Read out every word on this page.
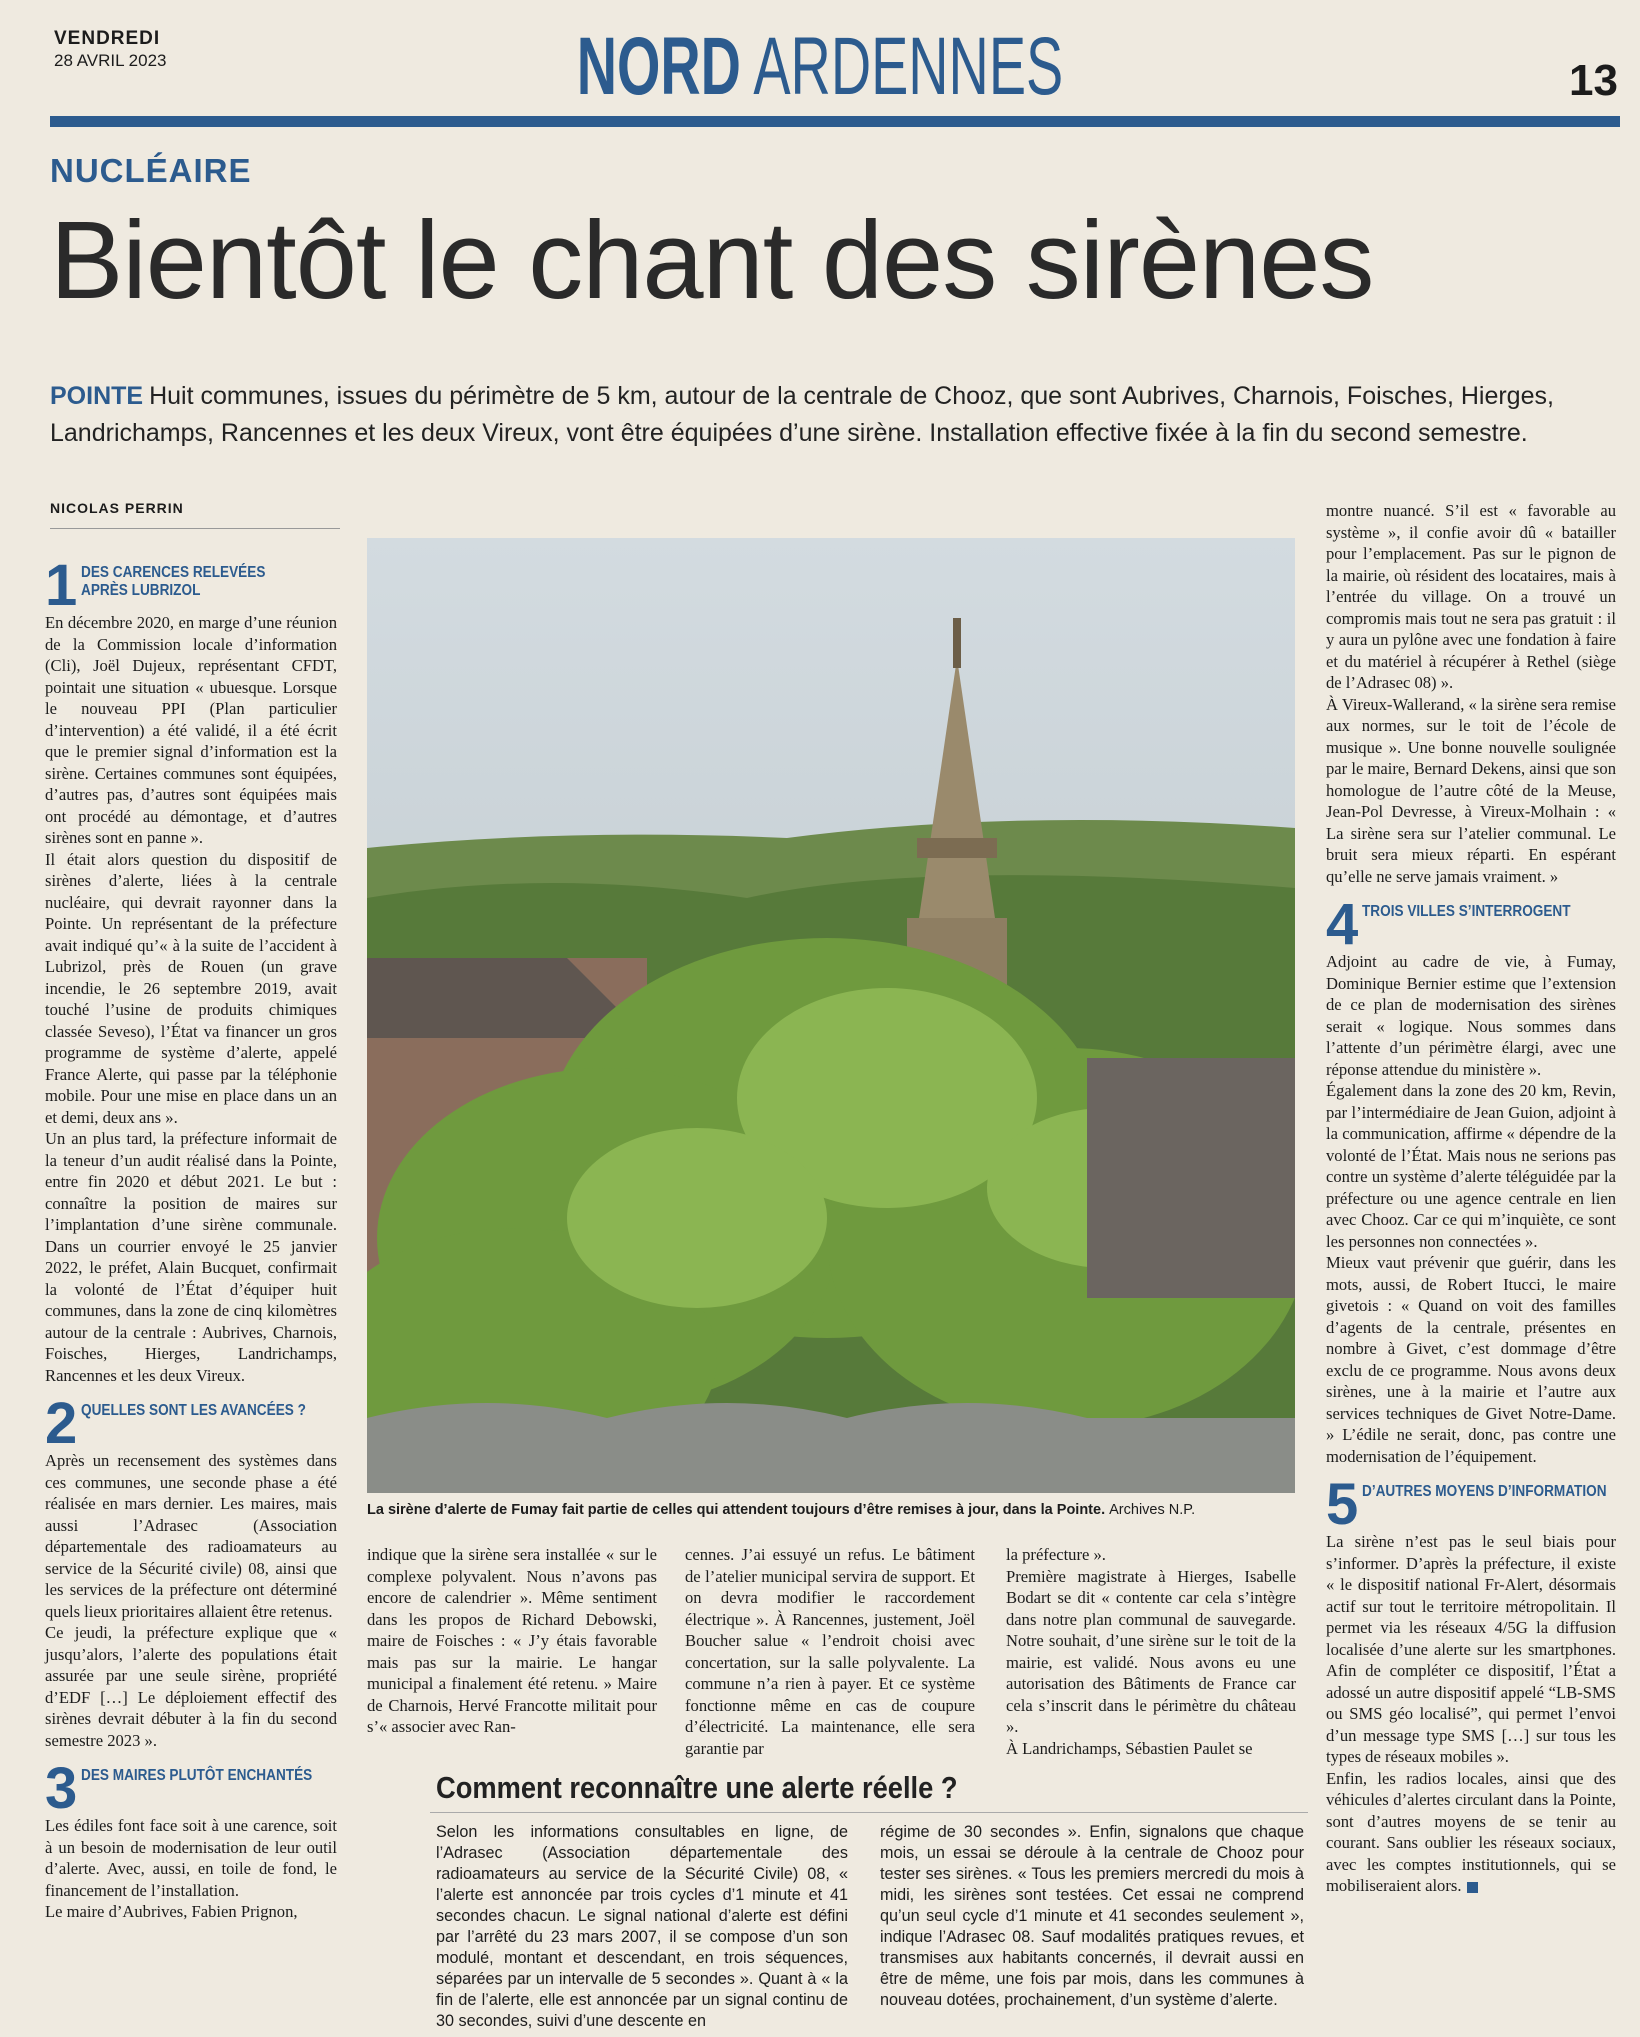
VENDREDI
28 AVRIL 2023	NORD ARDENNES	13
NUCLÉAIRE
Bientôt le chant des sirènes
POINTE Huit communes, issues du périmètre de 5 km, autour de la centrale de Chooz, que sont Aubrives, Charnois, Foisches, Hierges, Landrichamps, Rancennes et les deux Vireux, vont être équipées d’une sirène. Installation effective fixée à la fin du second semestre.
NICOLAS PERRIN
1 DES CARENCES RELEVÉES
APRÈS LUBRIZOL

En décembre 2020, en marge d’une réunion de la Commission locale d’information (Cli), Joël Dujeux, représentant CFDT, pointait une situation « ubuesque. Lorsque le nouveau PPI (Plan particulier d’intervention) a été validé, il a été écrit que le premier signal d’information est la sirène. Certaines communes sont équipées, d’autres pas, d’autres sont équipées mais ont procédé au démontage, et d’autres sirènes sont en panne ».

Il était alors question du dispositif de sirènes d’alerte, liées à la centrale nucléaire, qui devrait rayonner dans la Pointe. Un représentant de la préfecture avait indiqué qu’« à la suite de l’accident à Lubrizol, près de Rouen (un grave incendie, le 26 septembre 2019, avait touché l’usine de produits chimiques classée Seveso), l’État va financer un gros programme de système d’alerte, appelé France Alerte, qui passe par la téléphonie mobile. Pour une mise en place dans un an et demi, deux ans ».

Un an plus tard, la préfecture informait de la teneur d’un audit réalisé dans la Pointe, entre fin 2020 et début 2021. Le but : connaître la position de maires sur l’implantation d’une sirène communale. Dans un courrier envoyé le 25 janvier 2022, le préfet, Alain Bucquet, confirmait la volonté de l’État d’équiper huit communes, dans la zone de cinq kilomètres autour de la centrale : Aubrives, Charnois, Foisches, Hierges, Landrichamps, Rancennes et les deux Vireux.

2 QUELLES SONT LES AVANCÉES ?

Après un recensement des systèmes dans ces communes, une seconde phase a été réalisée en mars dernier. Les maires, mais aussi l’Adrasec (Association départementale des radioamateurs au service de la Sécurité civile) 08, ainsi que les services de la préfecture ont déterminé quels lieux prioritaires allaient être retenus.

Ce jeudi, la préfecture explique que « jusqu’alors, l’alerte des populations était assurée par une seule sirène, propriété d’EDF […] Le déploiement effectif des sirènes devrait débuter à la fin du second semestre 2023 ».

3 DES MAIRES PLUTÔT ENCHANTÉS

Les édiles font face soit à une carence, soit à un besoin de modernisation de leur outil d’alerte. Avec, aussi, en toile de fond, le financement de l’installation.

Le maire d’Aubrives, Fabien Prignon,

La sirène d’alerte de Fumay fait partie de celles qui attendent toujours d’être remises à jour, dans la Pointe. Archives N.P.

indique que la sirène sera installée « sur le complexe polyvalent. Nous n’avons pas encore de calendrier ». Même sentiment dans les propos de Richard Debowski, maire de Foisches : « J’y étais favorable mais pas sur la mairie. Le hangar municipal a finalement été retenu. » Maire de Charnois, Hervé Francotte militait pour s’« associer avec Ran-

cennes. J’ai essuyé un refus. Le bâtiment de l’atelier municipal servira de support. Et on devra modifier le raccordement électrique ». À Rancennes, justement, Joël Boucher salue « l’endroit choisi avec concertation, sur la salle polyvalente. La commune n’a rien à payer. Et ce système fonctionne même en cas de coupure d’électricité. La maintenance, elle sera garantie par

la préfecture ».

Première magistrate à Hierges, Isabelle Bodart se dit « contente car cela s’intègre dans notre plan communal de sauvegarde. Notre souhait, d’une sirène sur le toit de la mairie, est validé. Nous avons eu une autorisation des Bâtiments de France car cela s’inscrit dans le périmètre du château ».

À Landrichamps, Sébastien Paulet se

montre nuancé. S’il est « favorable au système », il confie avoir dû « batailler pour l’emplacement. Pas sur le pignon de la mairie, où résident des locataires, mais à l’entrée du village. On a trouvé un compromis mais tout ne sera pas gratuit : il y aura un pylône avec une fondation à faire et du matériel à récupérer à Rethel (siège de l’Adrasec 08) ».

À Vireux-Wallerand, « la sirène sera remise aux normes, sur le toit de l’école de musique ». Une bonne nouvelle soulignée par le maire, Bernard Dekens, ainsi que son homologue de l’autre côté de la Meuse, Jean-Pol Devresse, à Vireux-Molhain : « La sirène sera sur l’atelier communal. Le bruit sera mieux réparti. En espérant qu’elle ne serve jamais vraiment. »

4 TROIS VILLES S’INTERROGENT

Adjoint au cadre de vie, à Fumay, Dominique Bernier estime que l’extension de ce plan de modernisation des sirènes serait « logique. Nous sommes dans l’attente d’un périmètre élargi, avec une réponse attendue du ministère ».

Également dans la zone des 20 km, Revin, par l’intermédiaire de Jean Guion, adjoint à la communication, affirme « dépendre de la volonté de l’État. Mais nous ne serions pas contre un système d’alerte téléguidée par la préfecture ou une agence centrale en lien avec Chooz. Car ce qui m’inquiète, ce sont les personnes non connectées ».

Mieux vaut prévenir que guérir, dans les mots, aussi, de Robert Itucci, le maire givetois : « Quand on voit des familles d’agents de la centrale, présentes en nombre à Givet, c’est dommage d’être exclu de ce programme. Nous avons deux sirènes, une à la mairie et l’autre aux services techniques de Givet Notre-Dame. » L’édile ne serait, donc, pas contre une modernisation de l’équipement.

5 D’AUTRES MOYENS D’INFORMATION

La sirène n’est pas le seul biais pour s’informer. D’après la préfecture, il existe « le dispositif national Fr-Alert, désormais actif sur tout le territoire métropolitain. Il permet via les réseaux 4/5G la diffusion localisée d’une alerte sur les smartphones. Afin de compléter ce dispositif, l’État a adossé un autre dispositif appelé “LB-SMS ou SMS géo localisé”, qui permet l’envoi d’un message type SMS […] sur tous les types de réseaux mobiles ».

Enfin, les radios locales, ainsi que des véhicules d’alertes circulant dans la Pointe, sont d’autres moyens de se tenir au courant. Sans oublier les réseaux sociaux, avec les comptes institutionnels, qui se mobiliseraient alors.

Comment reconnaître une alerte réelle ?
Selon les informations consultables en ligne, de l’Adrasec (Association départementale des radioamateurs au service de la Sécurité Civile) 08, « l’alerte est annoncée par trois cycles d’1 minute et 41 secondes chacun. Le signal national d’alerte est défini par l’arrêté du 23 mars 2007, il se compose d’un son modulé, montant et descendant, en trois séquences, séparées par un intervalle de 5 secondes ». Quant à « la fin de l’alerte, elle est annoncée par un signal continu de 30 secondes, suivi d’une descente en
régime de 30 secondes ». Enfin, signalons que chaque mois, un essai se déroule à la centrale de Chooz pour tester ses sirènes. « Tous les premiers mercredi du mois à midi, les sirènes sont testées. Cet essai ne comprend qu’un seul cycle d’1 minute et 41 secondes seulement », indique l’Adrasec 08. Sauf modalités pratiques revues, et transmises aux habitants concernés, il devrait aussi en être de même, une fois par mois, dans les communes à nouveau dotées, prochainement, d’un système d’alerte.
